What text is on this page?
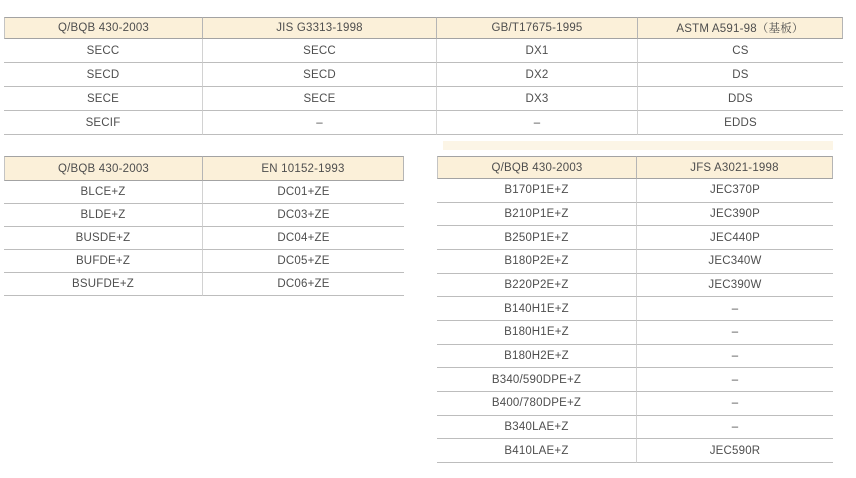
Q/BQB 430-2003	JIS G3313-1998	GB/T17675-1995	ASTM A591-98（基板）
SECC	SECC	DX1	CS
SECD	SECD	DX2	DS
SECE	SECE	DX3	DDS
SECIF	–	–	EDDS
Q/BQB 430-2003	EN 10152-1993
BLCE+Z	DC01+ZE
BLDE+Z	DC03+ZE
BUSDE+Z	DC04+ZE
BUFDE+Z	DC05+ZE
BSUFDE+Z	DC06+ZE
Q/BQB 430-2003	JFS A3021-1998
B170P1E+Z	JEC370P
B210P1E+Z	JEC390P
B250P1E+Z	JEC440P
B180P2E+Z	JEC340W
B220P2E+Z	JEC390W
B140H1E+Z	–
B180H1E+Z	–
B180H2E+Z	–
B340/590DPE+Z	–
B400/780DPE+Z	–
B340LAE+Z	–
B410LAE+Z	JEC590R
